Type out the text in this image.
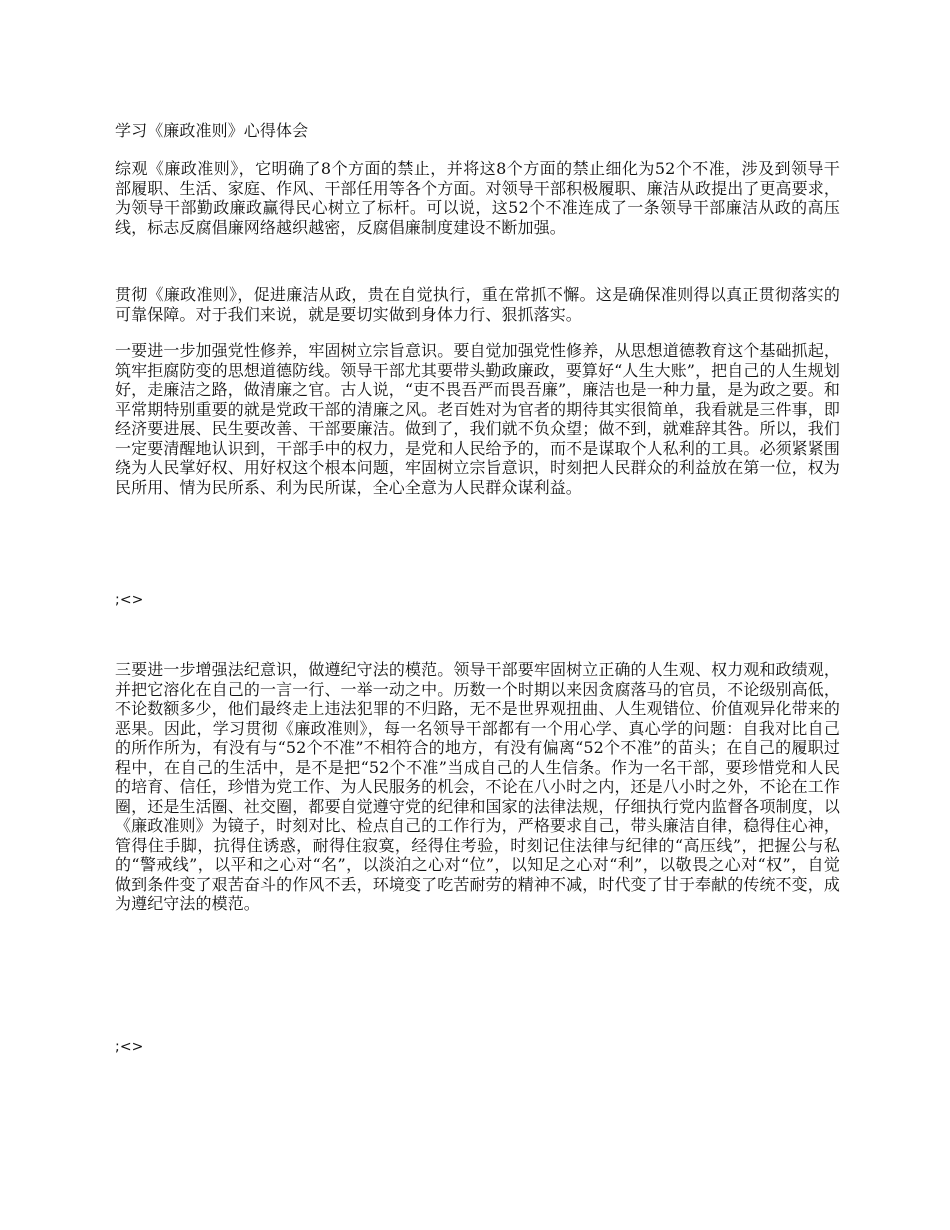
学习《廉政准则》心得体会

综观《廉政准则》，它明确了8个方面的禁止，并将这8个方面的禁止细化为52个不准，涉及到领导干部履职、生活、家庭、作风、干部任用等各个方面。对领导干部积极履职、廉洁从政提出了更高要求，为领导干部勤政廉政赢得民心树立了标杆。可以说，这52个不准连成了一条领导干部廉洁从政的高压线，标志反腐倡廉网络越织越密，反腐倡廉制度建设不断加强。

贯彻《廉政准则》，促进廉洁从政，贵在自觉执行，重在常抓不懈。这是确保准则得以真正贯彻落实的可靠保障。对于我们来说，就是要切实做到身体力行、狠抓落实。

一要进一步加强党性修养，牢固树立宗旨意识。要自觉加强党性修养，从思想道德教育这个基础抓起，筑牢拒腐防变的思想道德防线。领导干部尤其要带头勤政廉政，要算好“人生大账”，把自己的人生规划好，走廉洁之路，做清廉之官。古人说，“吏不畏吾严而畏吾廉”，廉洁也是一种力量，是为政之要。和平常期特别重要的就是党政干部的清廉之风。老百姓对为官者的期待其实很简单，我看就是三件事，即经济要进展、民生要改善、干部要廉洁。做到了，我们就不负众望；做不到，就难辞其咎。所以，我们一定要清醒地认识到，干部手中的权力，是党和人民给予的，而不是谋取个人私利的工具。必须紧紧围绕为人民掌好权、用好权这个根本问题，牢固树立宗旨意识，时刻把人民群众的利益放在第一位，权为民所用、情为民所系、利为民所谋，全心全意为人民群众谋利益。

;<>

三要进一步增强法纪意识，做遵纪守法的模范。领导干部要牢固树立正确的人生观、权力观和政绩观，并把它溶化在自己的一言一行、一举一动之中。历数一个时期以来因贪腐落马的官员，不论级别高低，不论数额多少，他们最终走上违法犯罪的不归路，无不是世界观扭曲、人生观错位、价值观异化带来的恶果。因此，学习贯彻《廉政准则》，每一名领导干部都有一个用心学、真心学的问题：自我对比自己的所作所为，有没有与“52个不准”不相符合的地方，有没有偏离“52个不准”的苗头；在自己的履职过程中，在自己的生活中，是不是把“52个不准”当成自己的人生信条。作为一名干部，要珍惜党和人民的培育、信任，珍惜为党工作、为人民服务的机会，不论在八小时之内，还是八小时之外，不论在工作圈，还是生活圈、社交圈，都要自觉遵守党的纪律和国家的法律法规，仔细执行党内监督各项制度，以《廉政准则》为镜子，时刻对比、检点自己的工作行为，严格要求自己，带头廉洁自律，稳得住心神，管得住手脚，抗得住诱惑，耐得住寂寞，经得住考验，时刻记住法律与纪律的“高压线”，把握公与私的“警戒线”，以平和之心对“名”，以淡泊之心对“位”，以知足之心对“利”，以敬畏之心对“权”，自觉做到条件变了艰苦奋斗的作风不丢，环境变了吃苦耐劳的精神不减，时代变了甘于奉献的传统不变，成为遵纪守法的模范。

;<>
